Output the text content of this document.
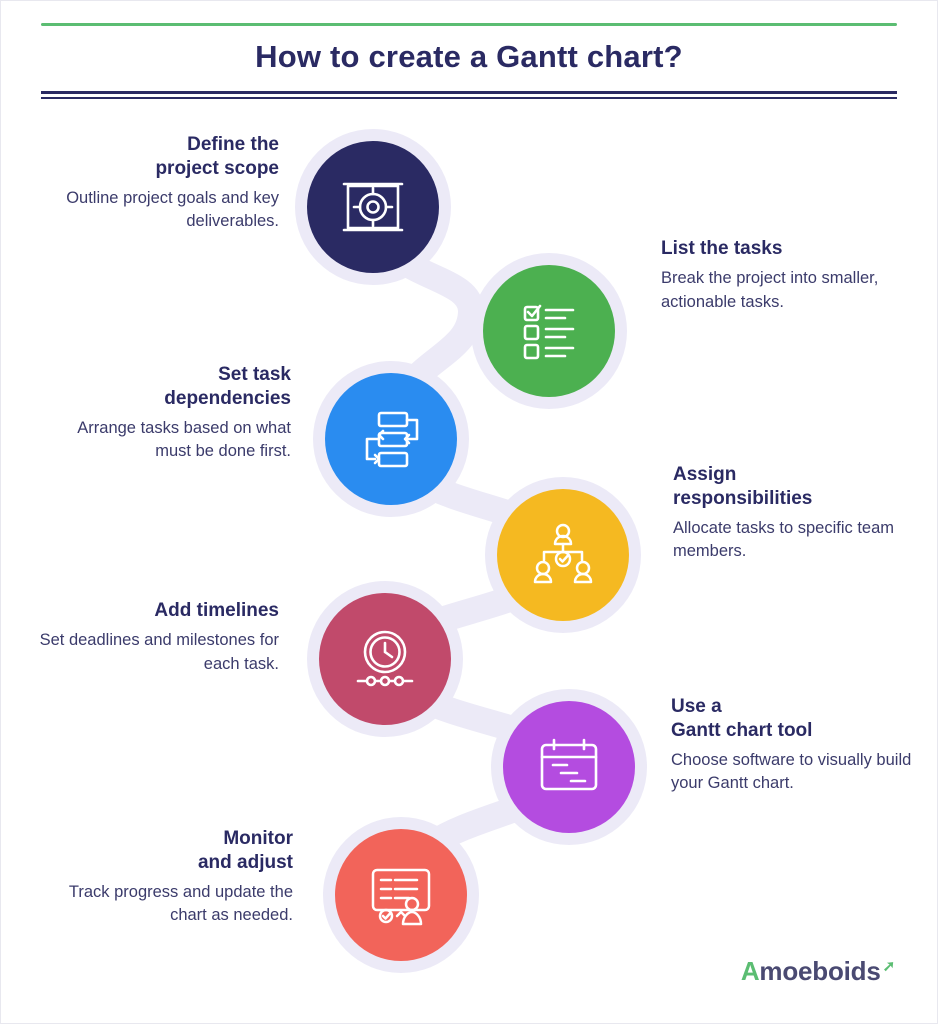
How to create a Gantt chart?
Define the
project scope
Outline project goals and key deliverables.
List the tasks
Break the project into smaller, actionable tasks.
Set task
dependencies
Arrange tasks based on what must be done first.
Assign
responsibilities
Allocate tasks to specific team members.
Add timelines
Set deadlines and milestones for each task.
Use a
Gantt chart tool
Choose software to visually build your Gantt chart.
Monitor
and adjust
Track progress and update the chart as needed.
A moeboids ➚
